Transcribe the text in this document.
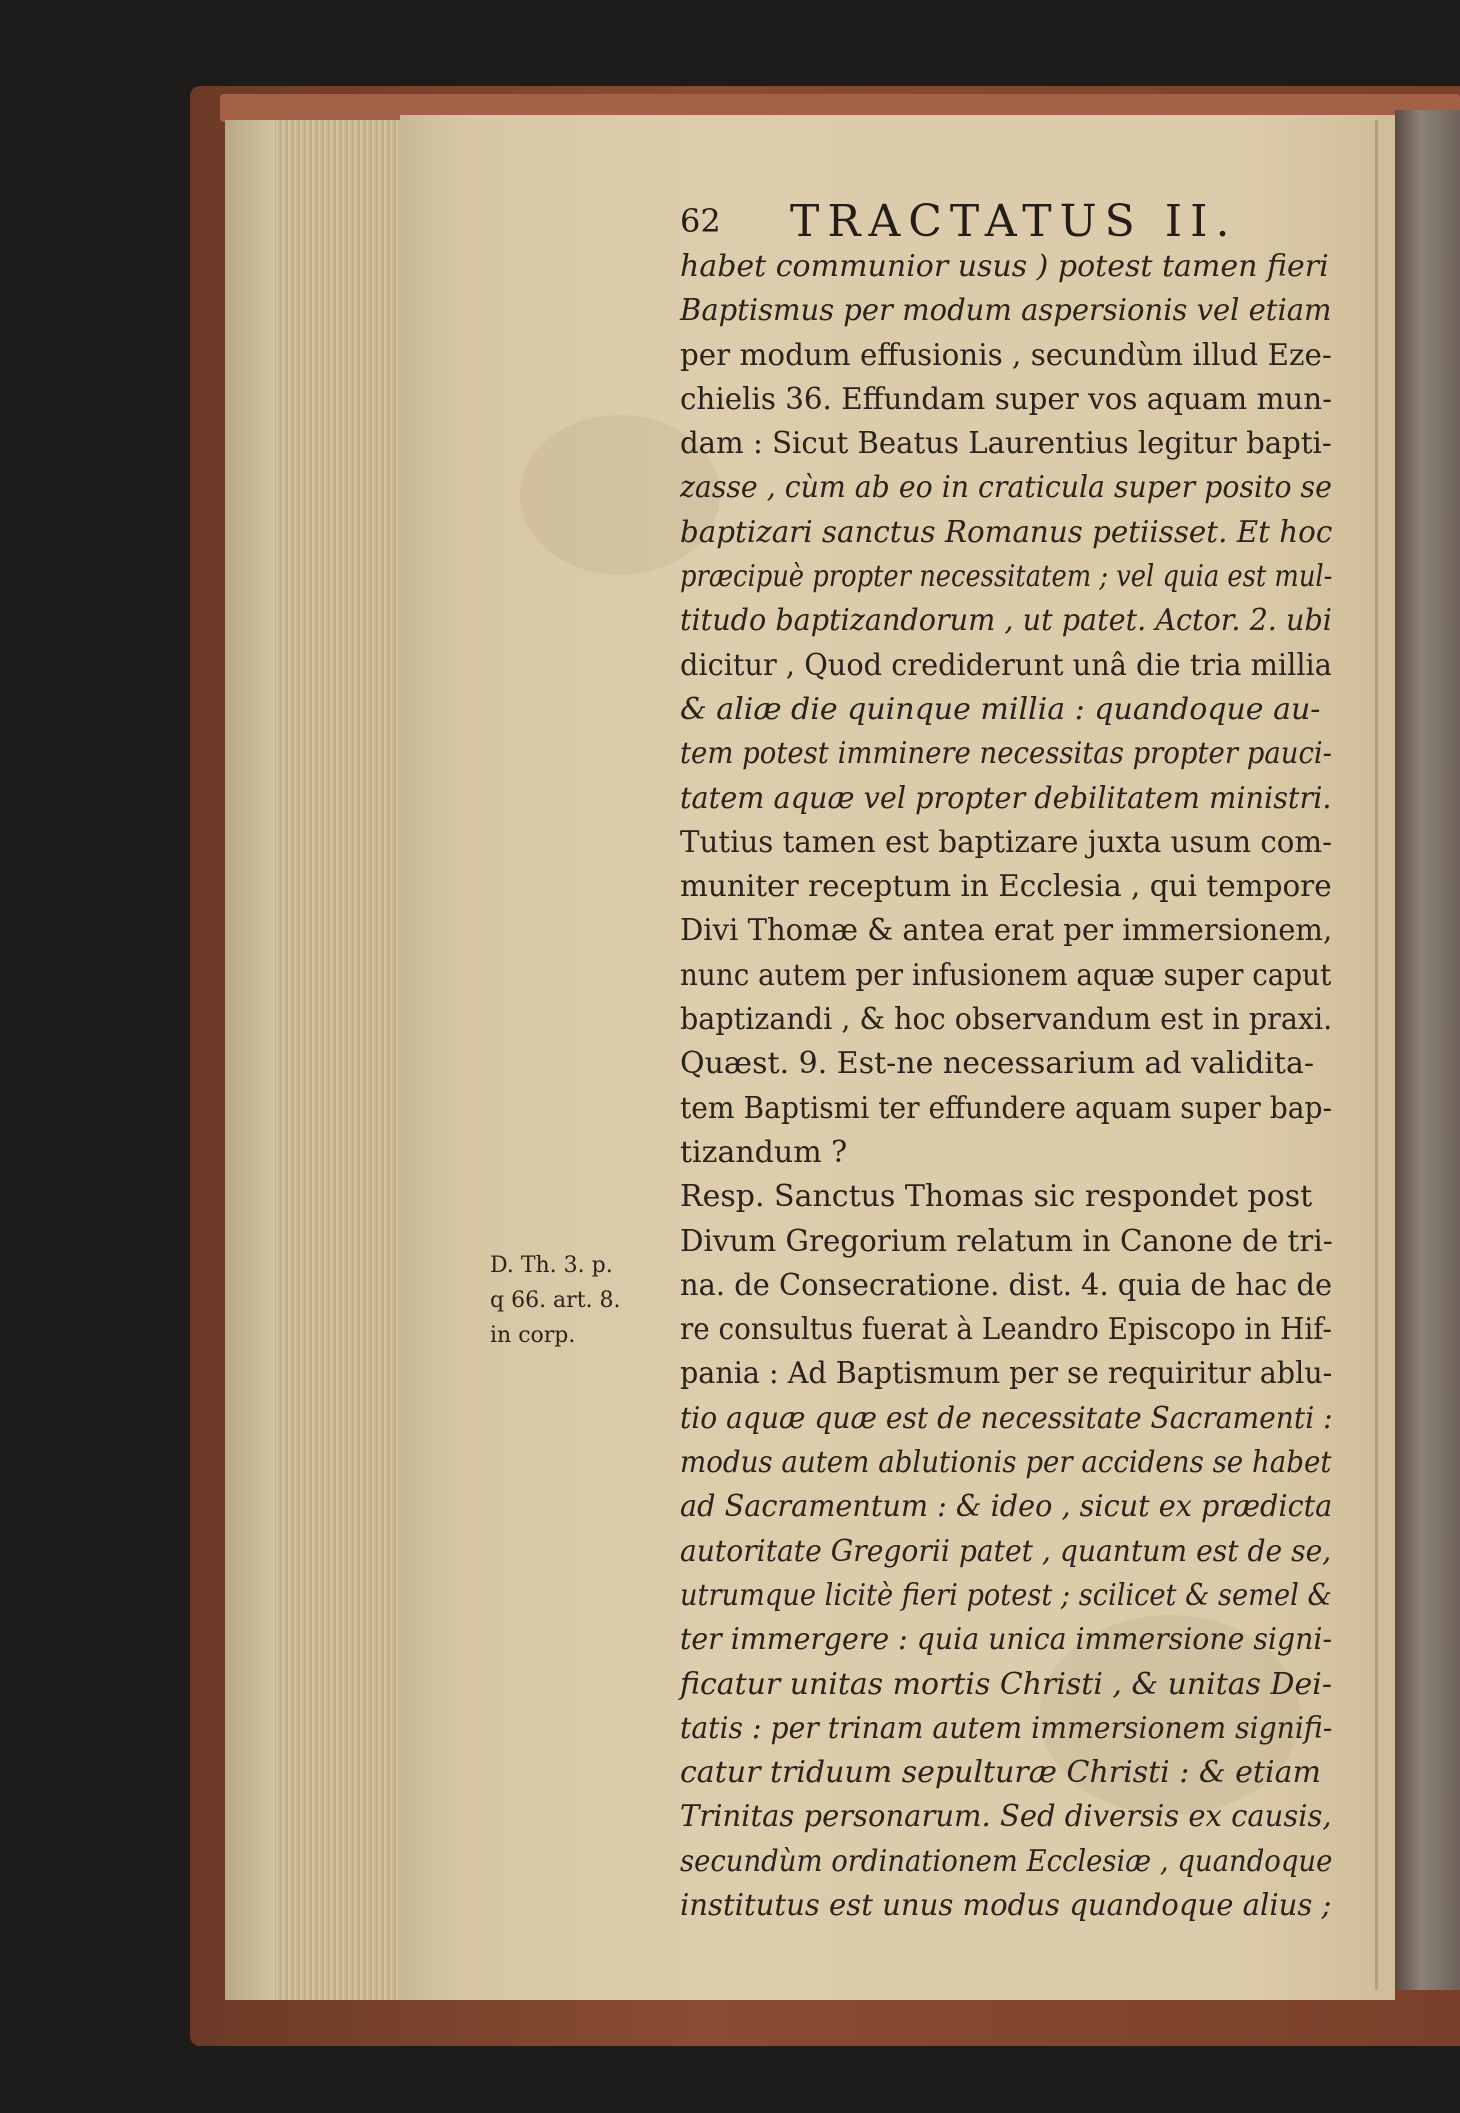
62 TRACTATUS II.
habet communior usus ) potest tamen fieri
Baptismus per modum aspersionis vel etiam
per modum effusionis , secundùm illud Eze-
chielis 36. Effundam super vos aquam mun-
dam : Sicut Beatus Laurentius legitur bapti-
zasse , cùm ab eo in craticula super posito se
baptizari sanctus Romanus petiisset. Et hoc
præcipuè propter necessitatem ; vel quia est mul-
titudo baptizandorum , ut patet. Actor. 2. ubi
dicitur , Quod crediderunt unâ die tria millia
& aliæ die quinque millia : quandoque au-
tem potest imminere necessitas propter pauci-
tatem aquæ vel propter debilitatem ministri.
Tutius tamen est baptizare juxta usum com-
muniter receptum in Ecclesia , qui tempore
Divi Thomæ & antea erat per immersionem,
nunc autem per infusionem aquæ super caput
baptizandi , & hoc observandum est in praxi.
Quæst. 9. Est-ne necessarium ad validita-
tem Baptismi ter effundere aquam super bap-
tizandum ?
Resp. Sanctus Thomas sic respondet post
Divum Gregorium relatum in Canone de tri-
na. de Consecratione. dist. 4. quia de hac de
re consultus fuerat à Leandro Episcopo in Hif-
pania : Ad Baptismum per se requiritur ablu-
tio aquæ quæ est de necessitate Sacramenti :
modus autem ablutionis per accidens se habet
ad Sacramentum : & ideo , sicut ex prædicta
autoritate Gregorii patet , quantum est de se,
utrumque licitè fieri potest ; scilicet & semel &
ter immergere : quia unica immersione signi-
ficatur unitas mortis Christi , & unitas Dei-
tatis : per trinam autem immersionem signifi-
catur triduum sepulturæ Christi : & etiam
Trinitas personarum. Sed diversis ex causis,
secundùm ordinationem Ecclesiæ , quandoque
institutus est unus modus quandoque alius ;
D. Th. 3. p.
q 66. art. 8.
in corp.
